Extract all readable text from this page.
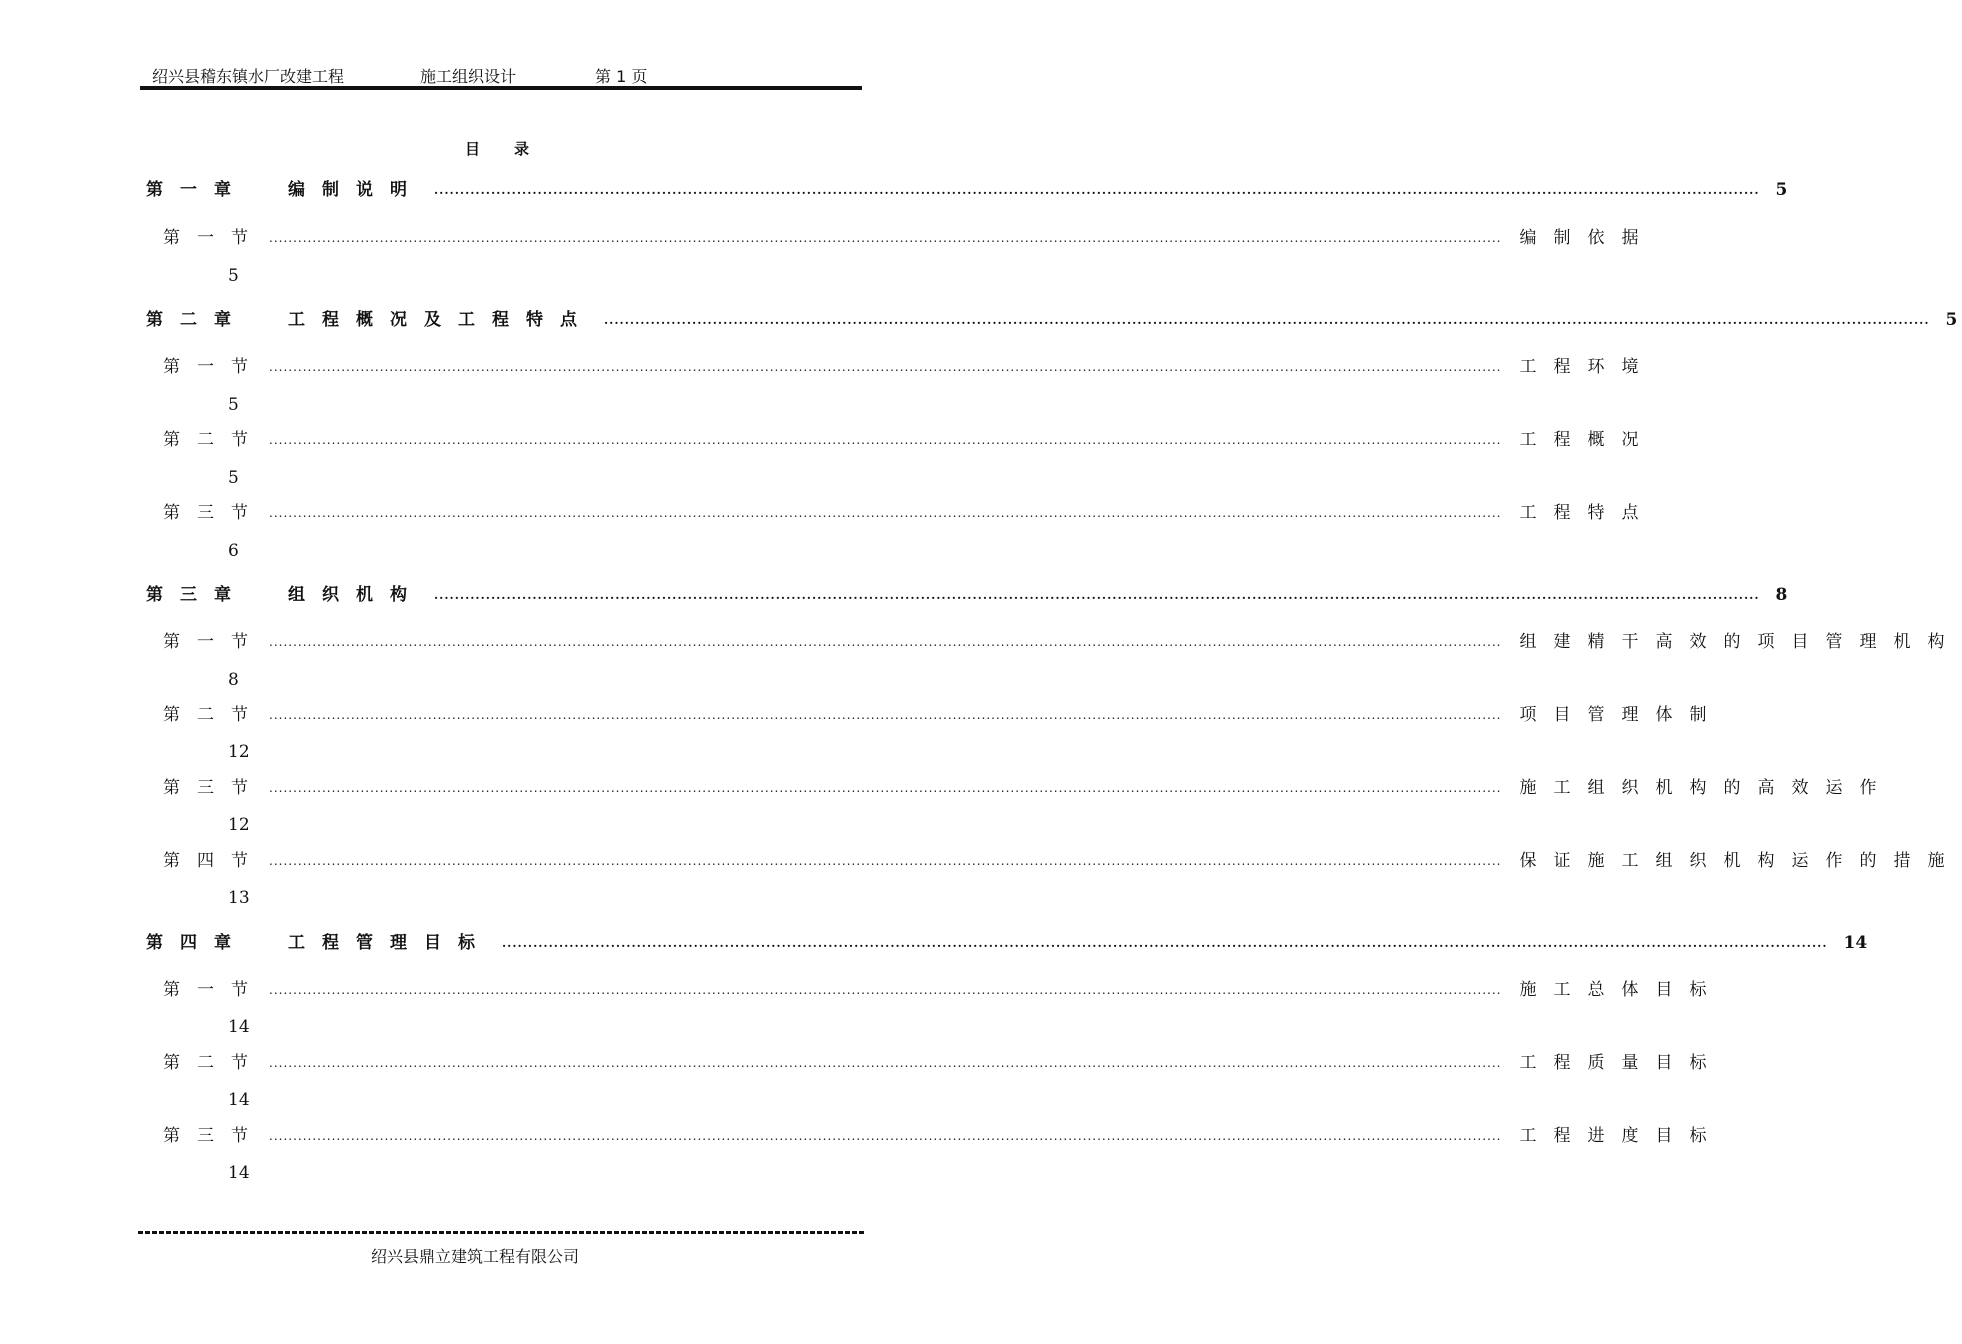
绍兴县稽东镇水厂改建工程	施工组织设计	第 1 页
目录
第一章	编制说明 ................................................................................................................................................................................................................................................................ 5
第一节 ................................................................................................................................................................................................................................................................ 编制依据
5
第二章	工程概况及工程特点 ................................................................................................................................................................................................................................................................ 5
第一节 ................................................................................................................................................................................................................................................................ 工程环境
5
第二节 ................................................................................................................................................................................................................................................................ 工程概况
5
第三节 ................................................................................................................................................................................................................................................................ 工程特点
6
第三章	组织机构 ................................................................................................................................................................................................................................................................ 8
第一节 ................................................................................................................................................................................................................................................................ 组建精干高效的项目管理机构
8
第二节 ................................................................................................................................................................................................................................................................ 项目管理体制
12
第三节 ................................................................................................................................................................................................................................................................ 施工组织机构的高效运作
12
第四节 ................................................................................................................................................................................................................................................................ 保证施工组织机构运作的措施
13
第四章	工程管理目标 ................................................................................................................................................................................................................................................................ 14
第一节 ................................................................................................................................................................................................................................................................ 施工总体目标
14
第二节 ................................................................................................................................................................................................................................................................ 工程质量目标
14
第三节 ................................................................................................................................................................................................................................................................ 工程进度目标
14
绍兴县鼎立建筑工程有限公司
